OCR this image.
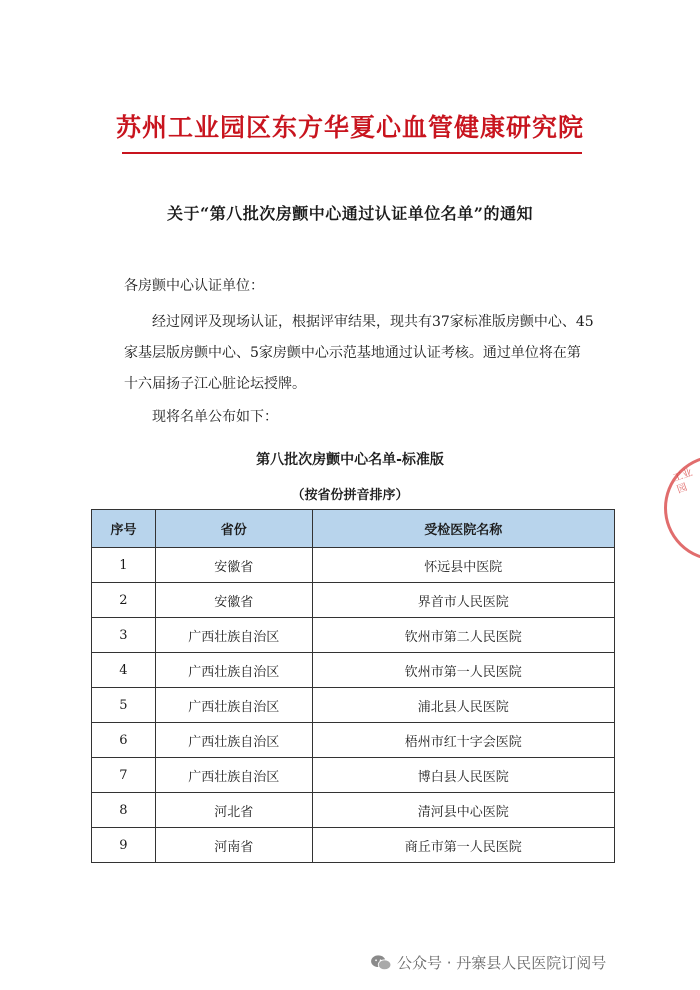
苏州工业园区东方华夏心血管健康研究院
关于“第八批次房颤中心通过认证单位名单”的通知
各房颤中心认证单位：

经过网评及现场认证，根据评审结果，现共有37家标准版房颤中心、45家基层版房颤中心、5家房颤中心示范基地通过认证考核。通过单位将在第十六届扬子江心脏论坛授牌。

现将名单公布如下：
第八批次房颤中心名单-标准版
（按省份拼音排序）
序号	省份	受检医院名称
1	安徽省	怀远县中医院
2	安徽省	界首市人民医院
3	广西壮族自治区	钦州市第二人民医院
4	广西壮族自治区	钦州市第一人民医院
5	广西壮族自治区	浦北县人民医院
6	广西壮族自治区	梧州市红十字会医院
7	广西壮族自治区	博白县人民医院
8	河北省	清河县中心医院
9	河南省	商丘市第一人民医院
工业园
公众号 · 丹寨县人民医院订阅号
